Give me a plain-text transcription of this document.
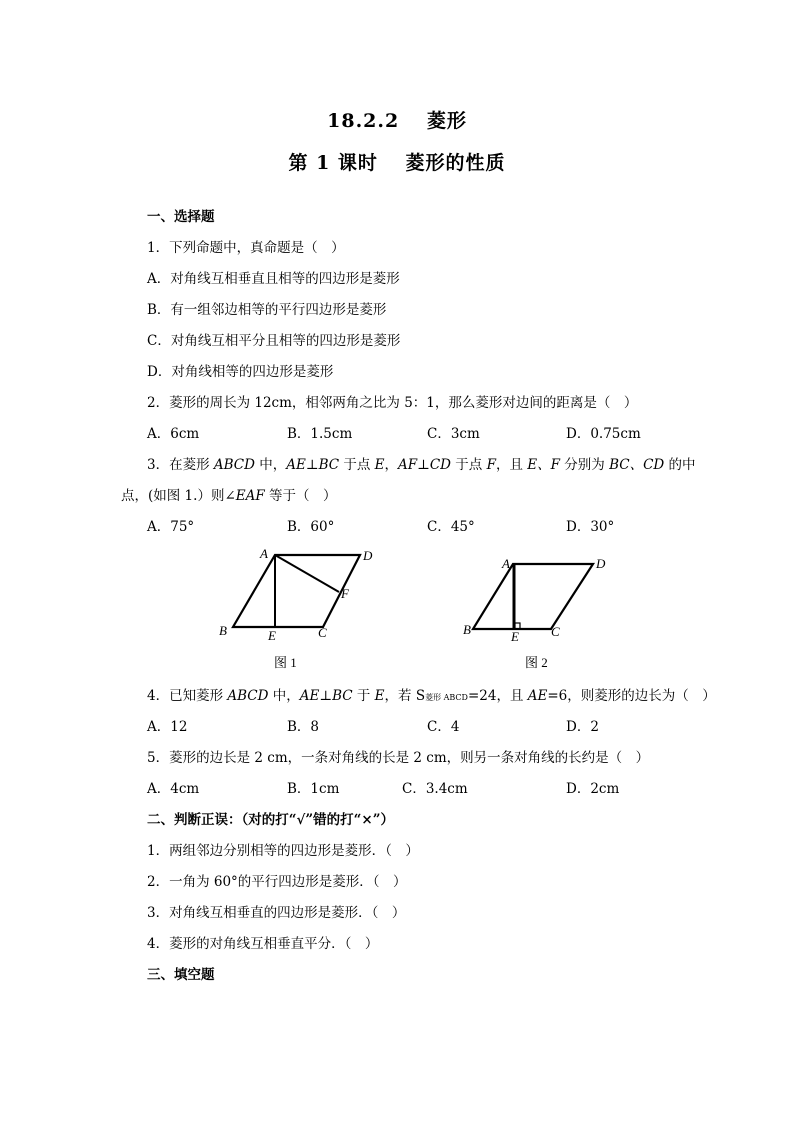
18.2.2　 菱形
第 1 课时　 菱形的性质
一、选择题
1．下列命题中，真命题是（　）
A．对角线互相垂直且相等的四边形是菱形
B．有一组邻边相等的平行四边形是菱形
C．对角线互相平分且相等的四边形是菱形
D．对角线相等的四边形是菱形
2．菱形的周长为 12cm，相邻两角之比为 5：1，那么菱形对边间的距离是（　）
A．6cm	B．1.5cm	C．3cm	D．0.75cm
3．在菱形 ABCD 中，AE⊥BC 于点 E，AF⊥CD 于点 F，且 E、F 分别为 BC、CD 的中
点，(如图 1.）则∠EAF 等于（　）
A．75°	B．60°	C．45°	D．30°
A	D
F
B	E	C
图 1
A	D
B	E C
图 2
4．已知菱形 ABCD 中，AE⊥BC 于 E，若 S菱形 ABCD=24，且 AE=6，则菱形的边长为（　）
A．12	B．8	C．4	D．2
5．菱形的边长是 2 cm，一条对角线的长是 2 cm，则另一条对角线的长约是（　）
A．4cm	B．1cm	C．3.4cm	D．2cm
二、判断正误：（对的打“√”错的打“×”）
1．两组邻边分别相等的四边形是菱形．（　）
2．一角为 60°的平行四边形是菱形．（　）
3．对角线互相垂直的四边形是菱形．（　）
4．菱形的对角线互相垂直平分．（　）
三、填空题
